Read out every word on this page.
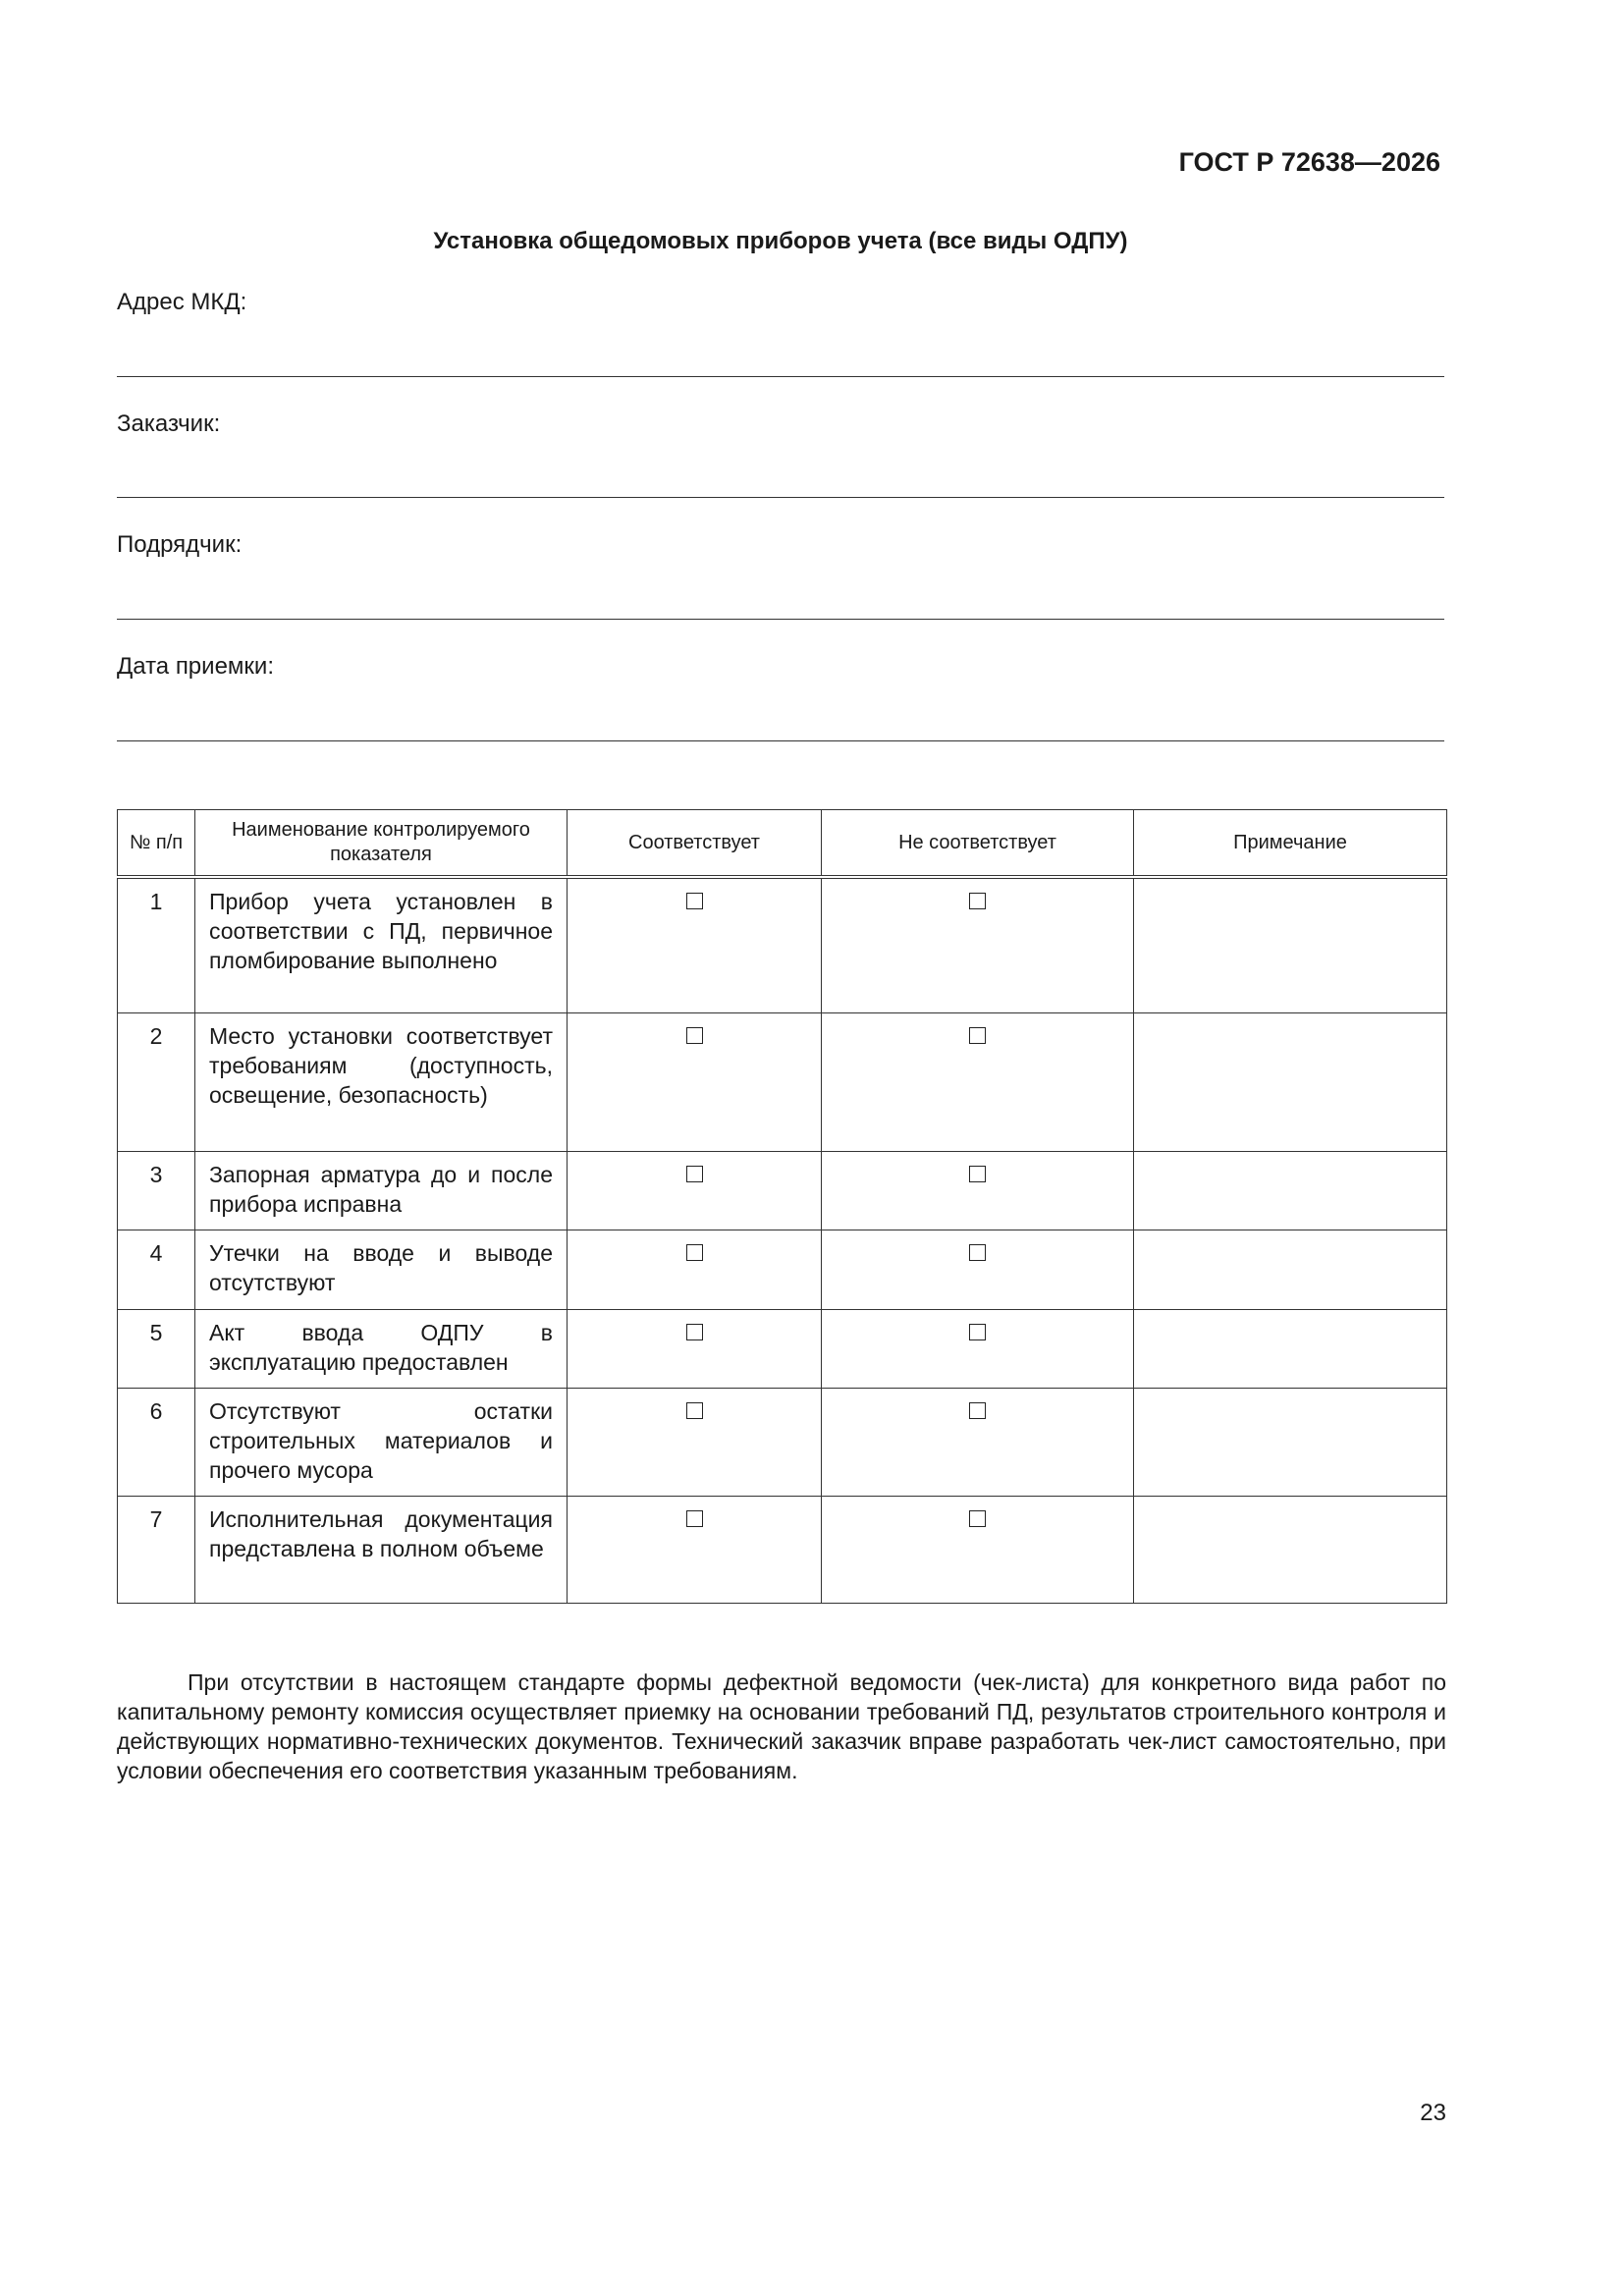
ГОСТ Р 72638—2026
Установка общедомовых приборов учета (все виды ОДПУ)
Адрес МКД:
Заказчик:
Подрядчик:
Дата приемки:
№ п/п	Наименование контролируемого показателя	Соответствует	Не соответствует	Примечание
1	Прибор учета установлен в соответствии с ПД, первичное пломбирование выполнено			
2	Место установки соответствует требованиям (доступность, освещение, безопасность)			
3	Запорная арматура до и после прибора исправна			
4	Утечки на вводе и выводе отсутствуют			
5	Акт ввода ОДПУ в эксплуатацию предоставлен			
6	Отсутствуют остатки строительных материалов и прочего мусора			
7	Исполнительная документация представлена в полном объеме			

При отсутствии в настоящем стандарте формы дефектной ведомости (чек-листа) для конкретного вида работ по капитальному ремонту комиссия осуществляет приемку на основании требований ПД, результатов строительного контроля и действующих нормативно-технических документов. Технический заказчик вправе разработать чек-лист самостоятельно, при условии обеспечения его соответствия указанным требованиям.

23
